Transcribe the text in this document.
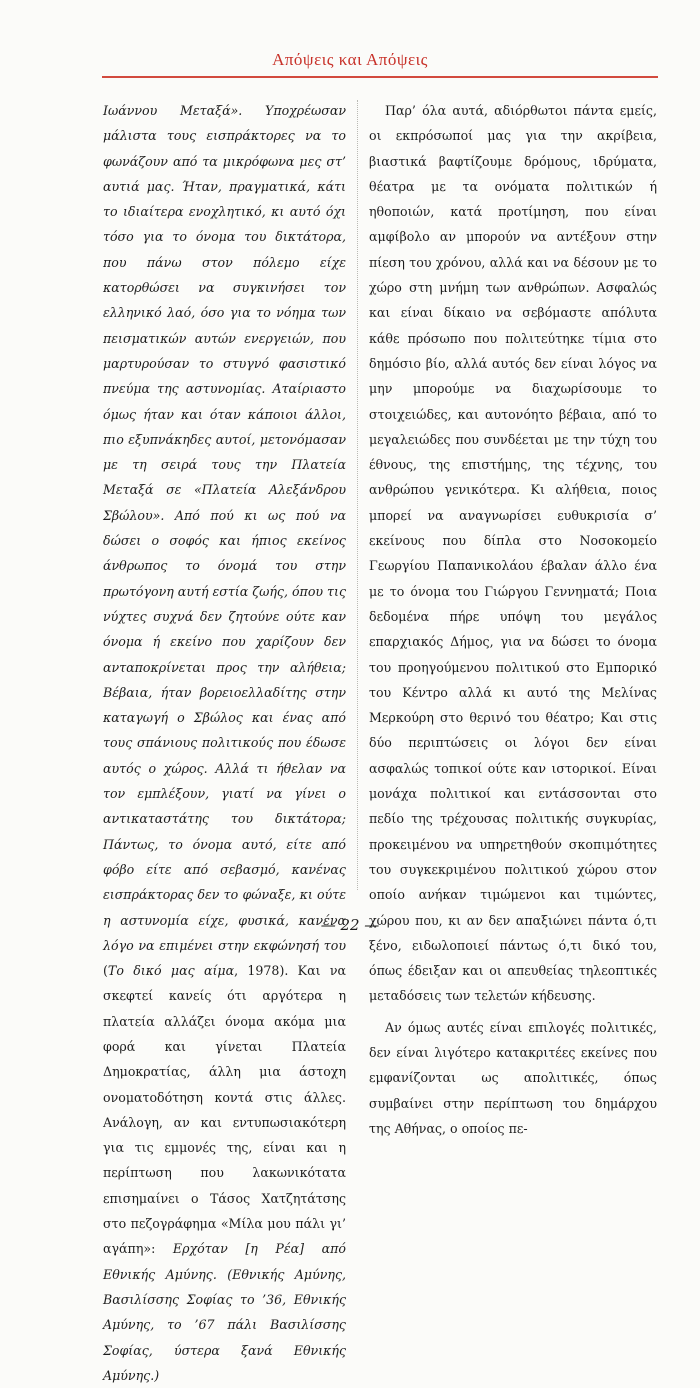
Απόψεις και Απόψεις

Ιωάννου Μεταξά». Υποχρέωσαν μάλιστα τους εισπράκτορες να το φωνάζουν από τα μικρόφωνα μες στ’ αυτιά μας. Ήταν, πραγματικά, κάτι το ιδιαίτερα ενοχλητικό, κι αυτό όχι τόσο για το όνομα του δικτάτορα, που πάνω στον πόλεμο είχε κατορθώσει να συγκινήσει τον ελληνικό λαό, όσο για το νόημα των πεισματικών αυτών ενεργειών, που μαρτυρούσαν το στυγνό φασιστικό πνεύμα της αστυνομίας. Αταίριαστο όμως ήταν και όταν κάποιοι άλλοι, πιο εξυπνάκηδες αυτοί, μετονόμασαν με τη σειρά τους την Πλατεία Μεταξά σε «Πλατεία Αλεξάνδρου Σβώλου». Από πού κι ως πού να δώσει ο σοφός και ήπιος εκείνος άνθρωπος το όνομά του στην πρωτόγονη αυτή εστία ζωής, όπου τις νύχτες συχνά δεν ζητούνε ούτε καν όνομα ή εκείνο που χαρίζουν δεν ανταποκρίνεται προς την αλήθεια; Βέβαια, ήταν βορειοελλαδίτης στην καταγωγή ο Σβώλος και ένας από τους σπάνιους πολιτικούς που έδωσε αυτός ο χώρος. Αλλά τι ήθελαν να τον εμπλέξουν, γιατί να γίνει ο αντικαταστάτης του δικτάτορα; Πάντως, το όνομα αυτό, είτε από φόβο είτε από σεβασμό, κανένας εισπράκτορας δεν το φώναξε, κι ούτε η αστυνομία είχε, φυσικά, κανένα λόγο να επιμένει στην εκφώνησή του (Το δικό μας αίμα, 1978). Και να σκεφτεί κανείς ότι αργότερα η πλατεία αλλάζει όνομα ακόμα μια φορά και γίνεται Πλατεία Δημοκρατίας, άλλη μια άστοχη ονοματοδότηση κοντά στις άλλες. Ανάλογη, αν και εντυπωσιακότερη για τις εμμονές της, είναι και η περίπτωση που λακωνικότατα επισημαίνει ο Τάσος Χατζητάτσης στο πεζογράφημα «Μίλα μου πάλι γι’ αγάπη»: Ερχόταν [η Ρέα] από Εθνικής Αμύνης. (Εθνικής Αμύνης, Βασιλίσσης Σοφίας το ’36, Εθνικής Αμύνης, το ’67 πάλι Βασιλίσσης Σοφίας, ύστερα ξανά Εθνικής Αμύνης.)

Παρ’ όλα αυτά, αδιόρθωτοι πάντα εμείς, οι εκπρόσωποί μας για την ακρίβεια, βιαστικά βαφτίζουμε δρόμους, ιδρύματα, θέατρα με τα ονόματα πολιτικών ή ηθοποιών, κατά προτίμηση, που είναι αμφίβολο αν μπορούν να αντέξουν στην πίεση του χρόνου, αλλά και να δέσουν με το χώρο στη μνήμη των ανθρώπων. Ασφαλώς και είναι δίκαιο να σεβόμαστε απόλυτα κάθε πρόσωπο που πολιτεύτηκε τίμια στο δημόσιο βίο, αλλά αυτός δεν είναι λόγος να μην μπορούμε να διαχωρίσουμε το στοιχειώδες, και αυτονόητο βέβαια, από το μεγαλειώδες που συνδέεται με την τύχη του έθνους, της επιστήμης, της τέχνης, του ανθρώπου γενικότερα. Κι αλήθεια, ποιος μπορεί να αναγνωρίσει ευθυκρισία σ’ εκείνους που δίπλα στο Νοσοκομείο Γεωργίου Παπανικολάου έβαλαν άλλο ένα με το όνομα του Γιώργου Γεννηματά; Ποια δεδομένα πήρε υπόψη του μεγάλος επαρχιακός Δήμος, για να δώσει το όνομα του προηγούμενου πολιτικού στο Εμπορικό του Κέντρο αλλά κι αυτό της Μελίνας Μερκούρη στο θερινό του θέατρο; Και στις δύο περιπτώσεις οι λόγοι δεν είναι ασφαλώς τοπικοί ούτε καν ιστορικοί. Είναι μονάχα πολιτικοί και εντάσσονται στο πεδίο της τρέχουσας πολιτικής συγκυρίας, προκειμένου να υπηρετηθούν σκοπιμότητες του συγκεκριμένου πολιτικού χώρου στον οποίο ανήκαν τιμώμενοι και τιμώντες, χώρου που, κι αν δεν απαξιώνει πάντα ό,τι ξένο, ειδωλοποιεί πάντως ό,τι δικό του, όπως έδειξαν και οι απευθείας τηλεοπτικές μεταδόσεις των τελετών κήδευσης.

Αν όμως αυτές είναι επιλογές πολιτικές, δεν είναι λιγότερο κατακριτέες εκείνες που εμφανίζονται ως απολιτικές, όπως συμβαίνει στην περίπτωση του δημάρχου της Αθήνας, ο οποίος πε-

— 22 —
